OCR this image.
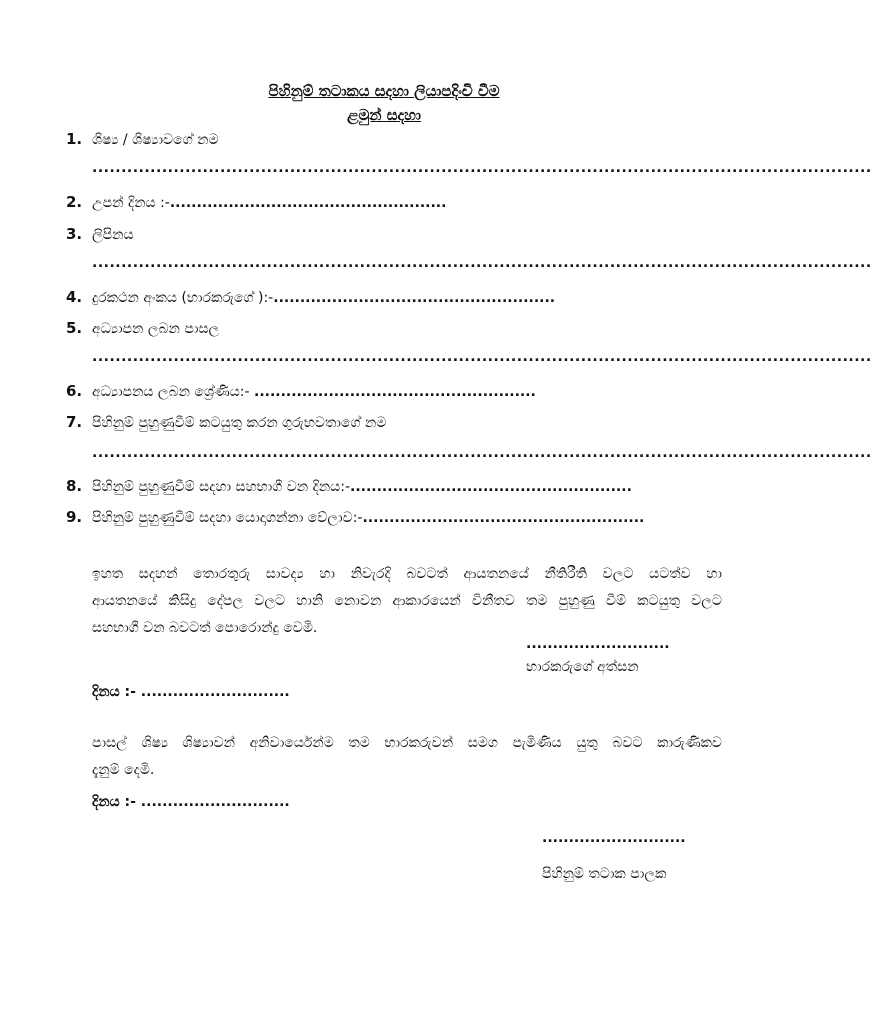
පිහිනුම් තටාකය සදහා ලියාපදිංචි වීම
ළමුන් සදහා
1. ශිෂ්‍ය / ශිෂ්‍යාවගේ නම
......................................................................................................................................
2. උපන් දිනය :-....................................................
3. ලිපිනය
......................................................................................................................................
4. දුරකථන අංකය (භාරකරුගේ ):-.....................................................
5. අධ්‍යාපන ලබන පාසල
......................................................................................................................................
6. අධ්‍යාපනය ලබන ශ්‍රේණිය:- .....................................................
7. පිහිනුම් පුහුණුවීම් කටයුතු කරන ගුරුභවතාගේ නම
......................................................................................................................................
8. පිහිනුම් පුහුණුවීම් සදහා සහභාගී වන දිනය:-.....................................................
9. පිහිනුම් පුහුණුවීම් සදහා යොදාගන්නා වේලාව:-.....................................................
ඉහත සදහන් තොරතුරු සාවද්‍ය හා නිවැරදි බවටත් ආයතනයේ නීතිරීති වලට යටත්ව හා
ආයතනයේ කිසිදු දේපල වලට හානි නොවන ආකාරයෙන් විනීතව තම පුහුණු වීම් කටයුතු වලට
සහභාගී වන බවටත් පොරොන්දු වෙමි.
...........................
භාරකරුගේ අත්සන
දිනය :- ............................
පාසල් ශිෂ්‍ය ශිෂ්‍යාවන් අනිවාර්යෙන්ම තම භාරකරුවන් සමග පැමිණිය යුතු බවට කාරුණිකව
දැනුම් දෙමි.
දිනය :- ............................
...........................
පිහිනුම් තටාක පාලක
